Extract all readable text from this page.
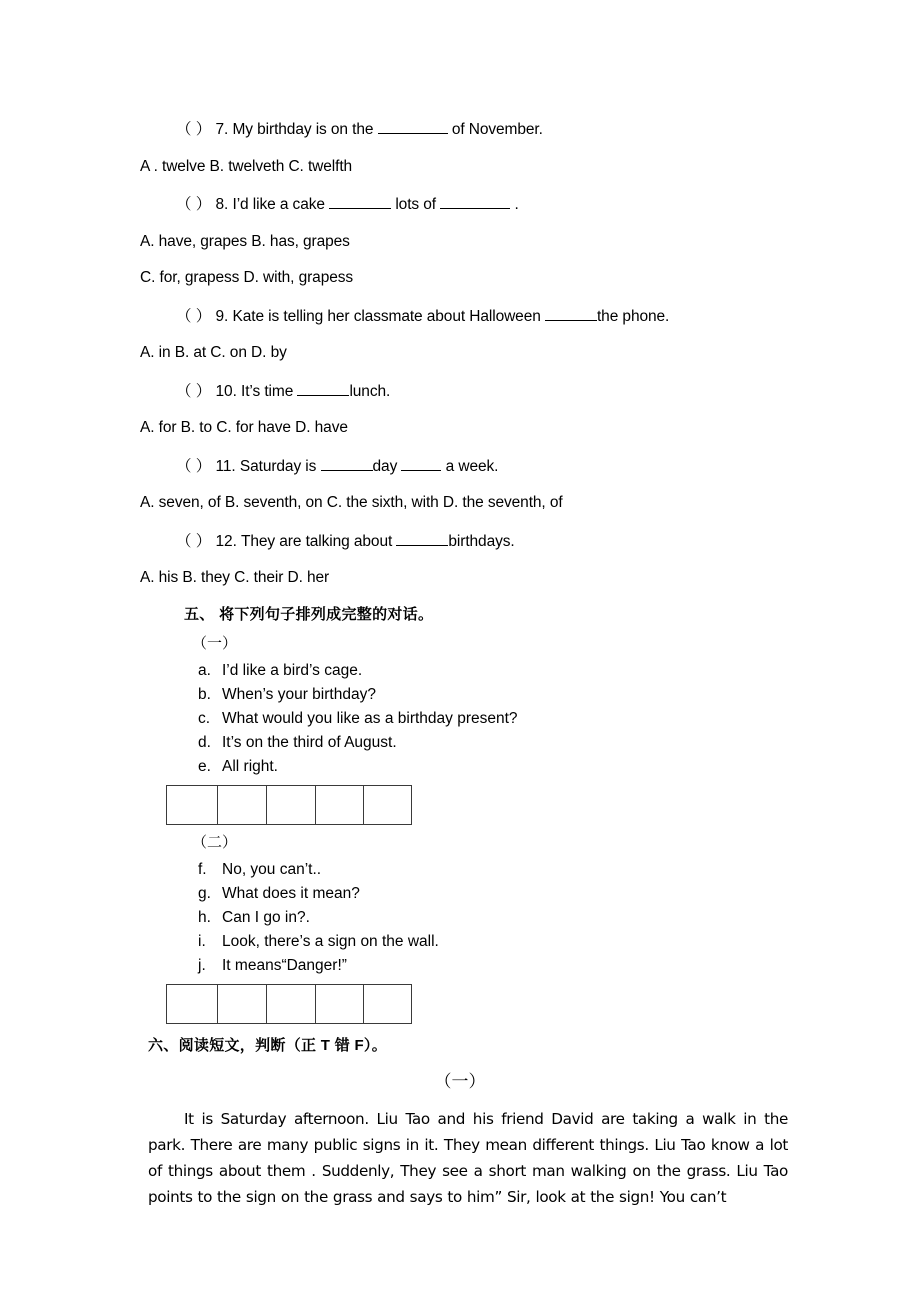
（ ） 7. My birthday is on the	of November.
A . twelve B. twelveth C. twelfth
（ ） 8. I’d like a cake	lots of	.
A. have, grapes B. has, grapes
C. for, grapess D. with, grapess
（ ） 9. Kate is telling her classmate about Halloween	the phone.
A. in B. at C. on D. by
（ ） 10. It’s time	lunch.
A. for B. to C. for have D. have
（ ） 11. Saturday is	day	a week.
A. seven, of B. seventh, on C. the sixth, with D. the seventh, of
（ ） 12. They are talking about	birthdays.
A. his B. they C. their D. her
五、 将下列句子排列成完整的对话。
（一）
a. I’d like a bird’s cage.
b. When’s your birthday?
c. What would you like as a birthday present?
d. It’s on the third of August.
e. All right.

（二）
f. No, you can’t..
g. What does it mean?
h. Can I go in?.
i. Look, there’s a sign on the wall.
j. It means“Danger!”

六、阅读短文，判断（正 T 错 F）。
（一）

It is Saturday afternoon. Liu Tao and his friend David are taking a walk in the park. There are many public signs in it. They mean different things. Liu Tao know a lot of things about them . Suddenly, They see a short man walking on the grass. Liu Tao points to the sign on the grass and says to him” Sir, look at the sign! You can’t
